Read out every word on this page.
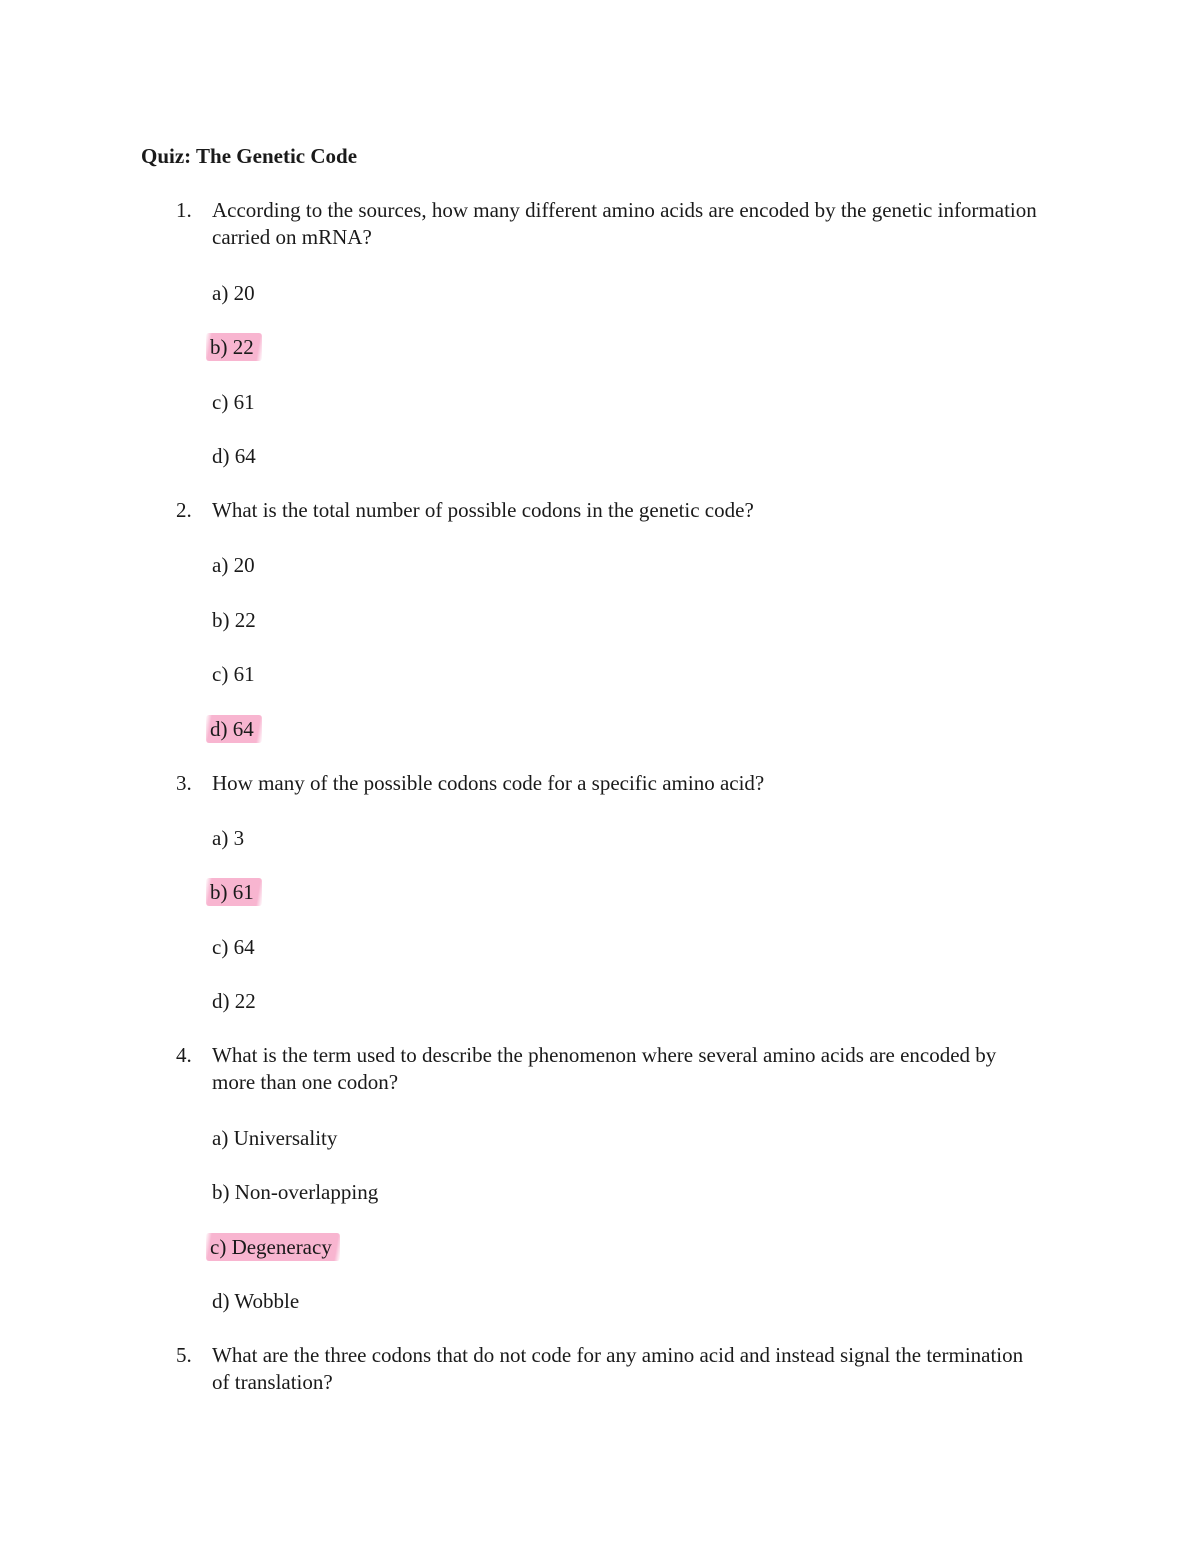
Quiz: The Genetic Code
1. According to the sources, how many different amino acids are encoded by the genetic information carried on mRNA?
a) 20
b) 22
c) 61
d) 64
2. What is the total number of possible codons in the genetic code?
a) 20
b) 22
c) 61
d) 64
3. How many of the possible codons code for a specific amino acid?
a) 3
b) 61
c) 64
d) 22
4. What is the term used to describe the phenomenon where several amino acids are encoded by more than one codon?
a) Universality
b) Non-overlapping
c) Degeneracy
d) Wobble
5. What are the three codons that do not code for any amino acid and instead signal the termination of translation?
